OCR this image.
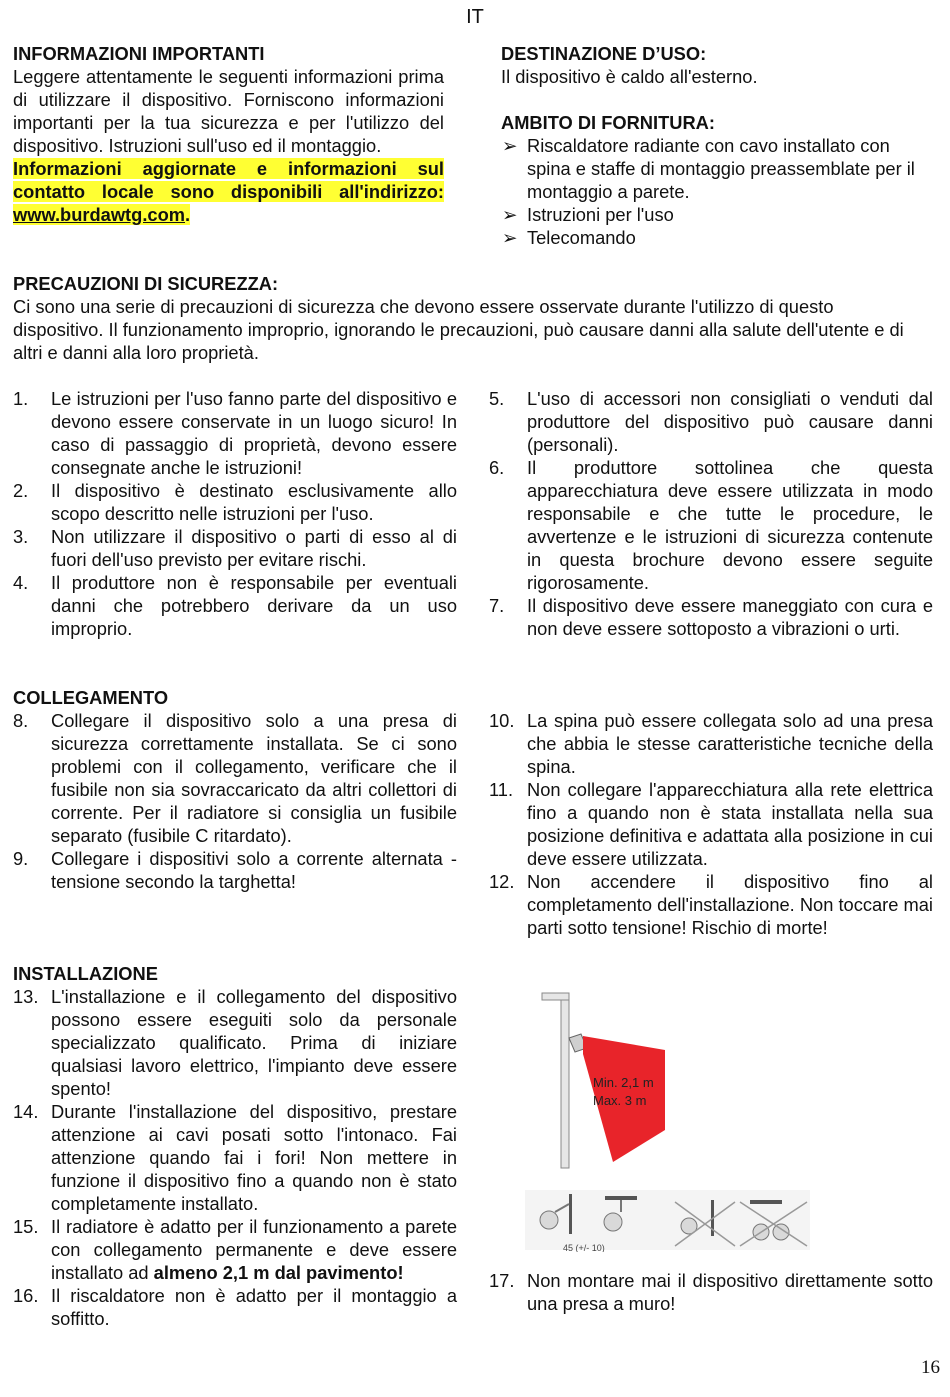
IT
INFORMAZIONI IMPORTANTI
Leggere attentamente le seguenti informazioni prima di utilizzare il dispositivo. Forniscono informazioni importanti per la tua sicurezza e per l'utilizzo del dispositivo. Istruzioni sull'uso ed il montaggio.
Informazioni aggiornate e informazioni sul contatto locale sono disponibili all'indirizzo: www.burdawtg.com.
DESTINAZIONE D’USO:
Il dispositivo è caldo all'esterno.
AMBITO DI FORNITURA:
➢ Riscaldatore radiante con cavo installato con spina e staffe di montaggio preassemblate per il montaggio a parete.
➢ Istruzioni per l'uso
➢ Telecomando
PRECAUZIONI DI SICUREZZA:
Ci sono una serie di precauzioni di sicurezza che devono essere osservate durante l'utilizzo di questo dispositivo. Il funzionamento improprio, ignorando le precauzioni, può causare danni alla salute dell'utente e di altri e danni alla loro proprietà.
1. Le istruzioni per l'uso fanno parte del dispositivo e devono essere conservate in un luogo sicuro! In caso di passaggio di proprietà, devono essere consegnate anche le istruzioni!
2. Il dispositivo è destinato esclusivamente allo scopo descritto nelle istruzioni per l'uso.
3. Non utilizzare il dispositivo o parti di esso al di fuori dell'uso previsto per evitare rischi.
4. Il produttore non è responsabile per eventuali danni che potrebbero derivare da un uso improprio.
5. L'uso di accessori non consigliati o venduti dal produttore del dispositivo può causare danni (personali).
6. Il produttore sottolinea che questa apparecchiatura deve essere utilizzata in modo responsabile e che tutte le procedure, le avvertenze e le istruzioni di sicurezza contenute in questa brochure devono essere seguite rigorosamente.
7. Il dispositivo deve essere maneggiato con cura e non deve essere sottoposto a vibrazioni o urti.
COLLEGAMENTO
8. Collegare il dispositivo solo a una presa di sicurezza correttamente installata. Se ci sono problemi con il collegamento, verificare che il fusibile non sia sovraccaricato da altri collettori di corrente. Per il radiatore si consiglia un fusibile separato (fusibile C ritardato).
9. Collegare i dispositivi solo a corrente alternata - tensione secondo la targhetta!
10. La spina può essere collegata solo ad una presa che abbia le stesse caratteristiche tecniche della spina.
11. Non collegare l'apparecchiatura alla rete elettrica fino a quando non è stata installata nella sua posizione definitiva e adattata alla posizione in cui deve essere utilizzata.
12. Non accendere il dispositivo fino al completamento dell'installazione. Non toccare mai parti sotto tensione! Rischio di morte!
INSTALLAZIONE
13. L'installazione e il collegamento del dispositivo possono essere eseguiti solo da personale specializzato qualificato. Prima di iniziare qualsiasi lavoro elettrico, l'impianto deve essere spento!
14. Durante l'installazione del dispositivo, prestare attenzione ai cavi posati sotto l'intonaco. Fai attenzione quando fai i fori! Non mettere in funzione il dispositivo fino a quando non è stato completamente installato.
15. Il radiatore è adatto per il funzionamento a parete con collegamento permanente e deve essere installato ad almeno 2,1 m dal pavimento!
16. Il riscaldatore non è adatto per il montaggio a soffitto.
Min. 2,1 m
Max. 3 m
45 (+/- 10)
17. Non montare mai il dispositivo direttamente sotto una presa a muro!
16
